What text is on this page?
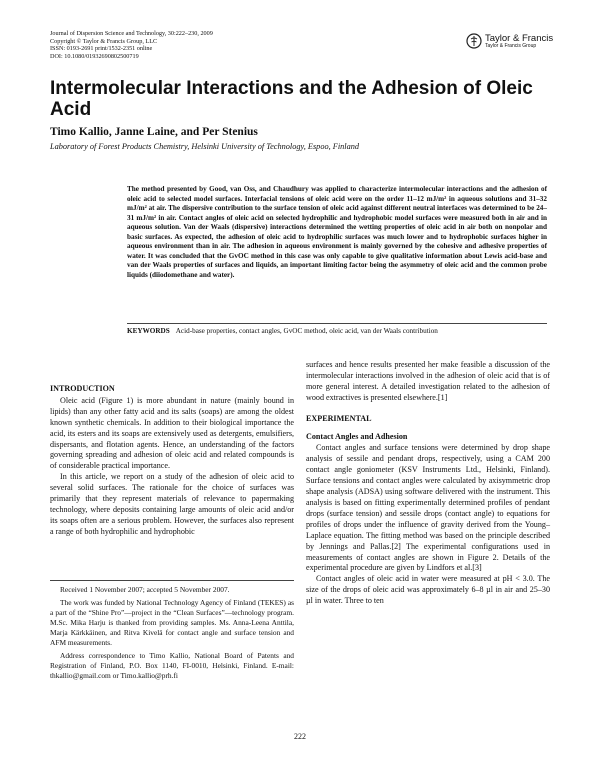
Journal of Dispersion Science and Technology, 30:222–230, 2009
Copyright © Taylor & Francis Group, LLC
ISSN: 0193-2691 print/1532-2351 online
DOI: 10.1080/01932690802500719
Taylor & Francis
Taylor & Francis Group
Intermolecular Interactions and the Adhesion of Oleic Acid
Timo Kallio, Janne Laine, and Per Stenius
Laboratory of Forest Products Chemistry, Helsinki University of Technology, Espoo, Finland

The method presented by Good, van Oss, and Chaudhury was applied to characterize intermolecular interactions and the adhesion of oleic acid to selected model surfaces. Interfacial tensions of oleic acid were on the order 11–12 mJ/m² in aqueous solutions and 31–32 mJ/m² at air. The dispersive contribution to the surface tension of oleic acid against different neutral interfaces was determined to be 24–31 mJ/m² in air. Contact angles of oleic acid on selected hydrophilic and hydrophobic model surfaces were measured both in air and in aqueous solution. Van der Waals (dispersive) interactions determined the wetting properties of oleic acid in air both on nonpolar and basic surfaces. As expected, the adhesion of oleic acid to hydrophilic surfaces was much lower and to hydrophobic surfaces higher in aqueous environment than in air. The adhesion in aqueous environment is mainly governed by the cohesive and adhesive properties of water. It was concluded that the GvOC method in this case was only capable to give qualitative information about Lewis acid-base and van der Waals properties of surfaces and liquids, an important limiting factor being the asymmetry of oleic acid and the common probe liquids (diiodomethane and water).

KEYWORDS Acid-base properties, contact angles, GvOC method, oleic acid, van der Waals contribution
INTRODUCTION

Oleic acid (Figure 1) is more abundant in nature (mainly bound in lipids) than any other fatty acid and its salts (soaps) are among the oldest known synthetic chemicals. In addition to their biological importance the acid, its esters and its soaps are extensively used as detergents, emulsifiers, dispersants, and flotation agents. Hence, an understanding of the factors governing spreading and adhesion of oleic acid and related compounds is of considerable practical importance.

In this article, we report on a study of the adhesion of oleic acid to several solid surfaces. The rationale for the choice of surfaces was primarily that they represent materials of relevance to papermaking technology, where deposits containing large amounts of oleic acid and/or its soaps often are a serious problem. However, the surfaces also represent a range of both hydrophilic and hydrophobic

Received 1 November 2007; accepted 5 November 2007.

The work was funded by National Technology Agency of Finland (TEKES) as a part of the “Shine Pro”—project in the “Clean Surfaces”—technology program. M.Sc. Mika Harju is thanked from providing samples. Ms. Anna-Leena Anttila, Marja Kärkkäinen, and Ritva Kivelä for contact angle and surface tension and AFM measurements.

Address correspondence to Timo Kallio, National Board of Patents and Registration of Finland, P.O. Box 1140, FI-0010, Helsinki, Finland. E-mail: thkallio@gmail.com or Timo.kallio@prh.fi

surfaces and hence results presented her make feasible a discussion of the intermolecular interactions involved in the adhesion of oleic acid that is of more general interest. A detailed investigation related to the adhesion of wood extractives is presented elsewhere.[1]

EXPERIMENTAL
Contact Angles and Adhesion

Contact angles and surface tensions were determined by drop shape analysis of sessile and pendant drops, respectively, using a CAM 200 contact angle goniometer (KSV Instruments Ltd., Helsinki, Finland). Surface tensions and contact angles were calculated by axisymmetric drop shape analysis (ADSA) using software delivered with the instrument. This analysis is based on fitting experimentally determined profiles of pendant drops (surface tension) and sessile drops (contact angle) to equations for profiles of drops under the influence of gravity derived from the Young–Laplace equation. The fitting method was based on the principle described by Jennings and Pallas.[2] The experimental configurations used in measurements of contact angles are shown in Figure 2. Details of the experimental procedure are given by Lindfors et al.[3]

Contact angles of oleic acid in water were measured at pH < 3.0. The size of the drops of oleic acid was approximately 6–8 µl in air and 25–30 µl in water. Three to ten

222
